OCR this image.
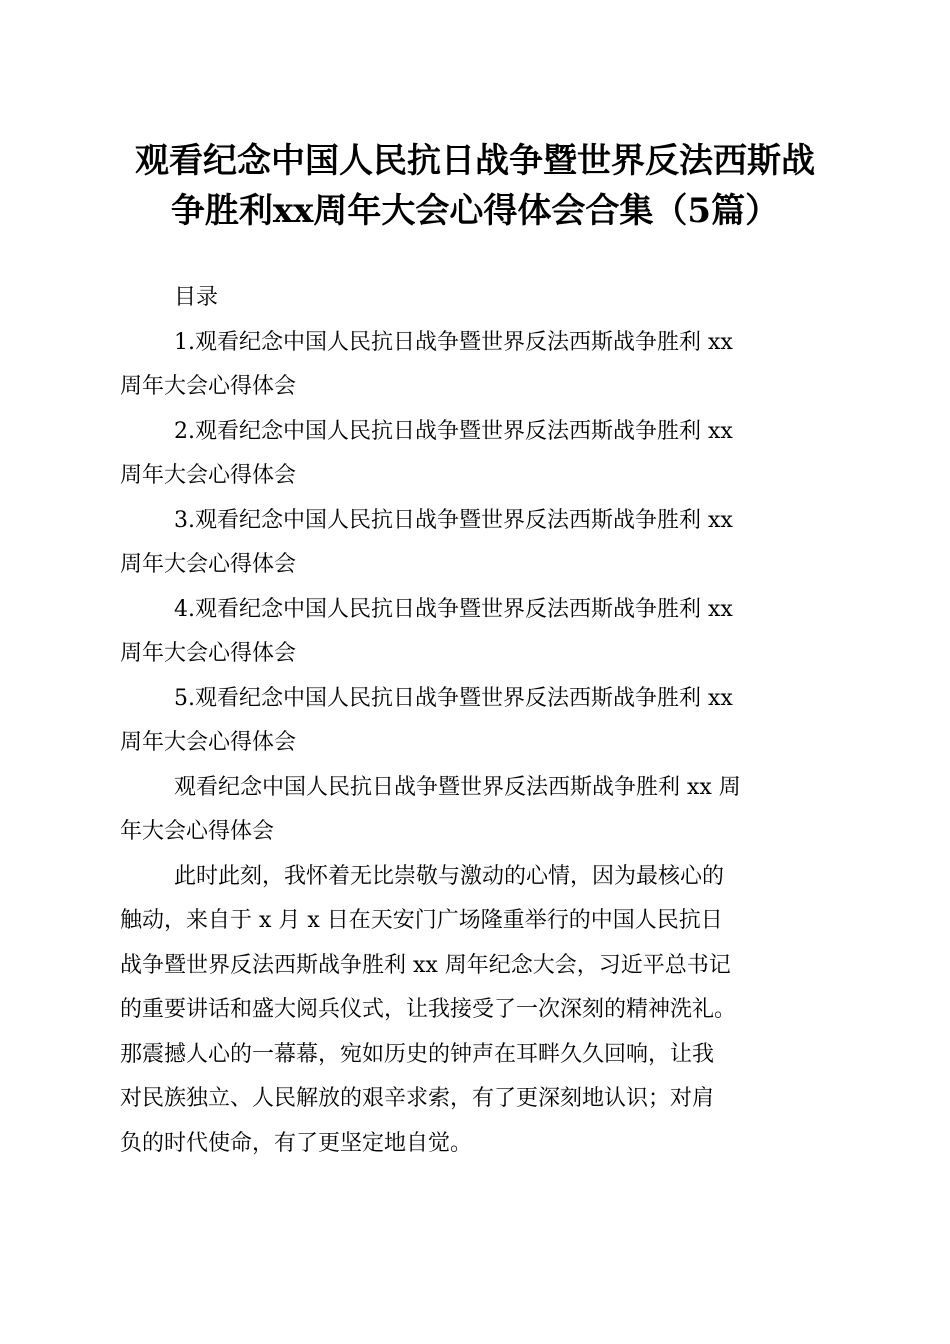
观看纪念中国人民抗日战争暨世界反法西斯战
争胜利xx周年大会心得体会合集（5篇）
目录
1.观看纪念中国人民抗日战争暨世界反法西斯战争胜利 xx
周年大会心得体会
2.观看纪念中国人民抗日战争暨世界反法西斯战争胜利 xx
周年大会心得体会
3.观看纪念中国人民抗日战争暨世界反法西斯战争胜利 xx
周年大会心得体会
4.观看纪念中国人民抗日战争暨世界反法西斯战争胜利 xx
周年大会心得体会
5.观看纪念中国人民抗日战争暨世界反法西斯战争胜利 xx
周年大会心得体会
观看纪念中国人民抗日战争暨世界反法西斯战争胜利 xx 周
年大会心得体会
此时此刻，我怀着无比崇敬与激动的心情，因为最核心的
触动，来自于 x 月 x 日在天安门广场隆重举行的中国人民抗日
战争暨世界反法西斯战争胜利 xx 周年纪念大会，习近平总书记
的重要讲话和盛大阅兵仪式，让我接受了一次深刻的精神洗礼。
那震撼人心的一幕幕，宛如历史的钟声在耳畔久久回响，让我
对民族独立、人民解放的艰辛求索，有了更深刻地认识；对肩
负的时代使命，有了更坚定地自觉。
